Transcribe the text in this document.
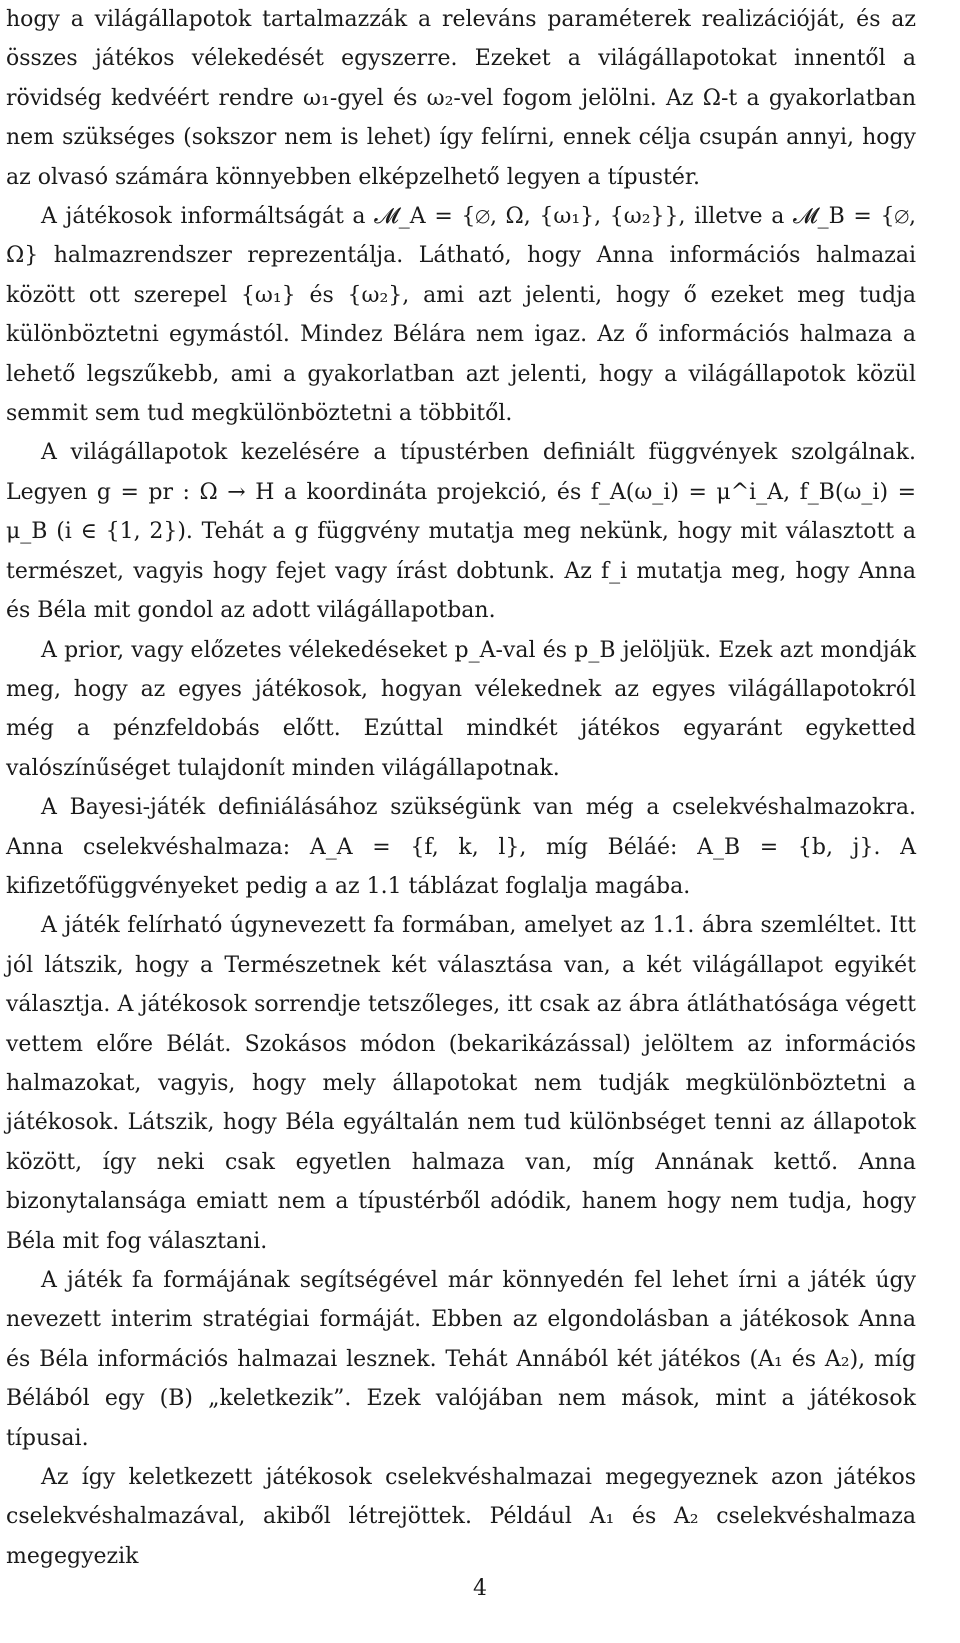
hogy a világállapotok tartalmazzák a releváns paraméterek realizációját, és az összes játékos vélekedését egyszerre. Ezeket a világállapotokat innentől a rövidség kedvéért rendre ω₁-gyel és ω₂-vel fogom jelölni. Az Ω-t a gyakorlatban nem szükséges (sokszor nem is lehet) így felírni, ennek célja csupán annyi, hogy az olvasó számára könnyebben elképzelhető legyen a típustér.

A játékosok informáltságát a 𝓜_A = {∅, Ω, {ω₁}, {ω₂}}, illetve a 𝓜_B = {∅, Ω} halmazrendszer reprezentálja. Látható, hogy Anna információs halmazai között ott szerepel {ω₁} és {ω₂}, ami azt jelenti, hogy ő ezeket meg tudja különböztetni egymástól. Mindez Bélára nem igaz. Az ő információs halmaza a lehető legszűkebb, ami a gyakorlatban azt jelenti, hogy a világállapotok közül semmit sem tud megkülönböztetni a többitől.

A világállapotok kezelésére a típustérben definiált függvények szolgálnak. Legyen g = pr : Ω → H a koordináta projekció, és f_A(ω_i) = μ^i_A, f_B(ω_i) = μ_B (i ∈ {1, 2}). Tehát a g függvény mutatja meg nekünk, hogy mit választott a természet, vagyis hogy fejet vagy írást dobtunk. Az f_i mutatja meg, hogy Anna és Béla mit gondol az adott világállapotban.

A prior, vagy előzetes vélekedéseket p_A-val és p_B jelöljük. Ezek azt mondják meg, hogy az egyes játékosok, hogyan vélekednek az egyes világállapotokról még a pénzfeldobás előtt. Ezúttal mindkét játékos egyaránt egyketted valószínűséget tulajdonít minden világállapotnak.

A Bayesi-játék definiálásához szükségünk van még a cselekvéshalmazokra. Anna cselekvéshalmaza: A_A = {f, k, l}, míg Béláé: A_B = {b, j}. A kifizetőfüggvényeket pedig a az 1.1 táblázat foglalja magába.

A játék felírható úgynevezett fa formában, amelyet az 1.1. ábra szemléltet. Itt jól látszik, hogy a Természetnek két választása van, a két világállapot egyikét választja. A játékosok sorrendje tetszőleges, itt csak az ábra átláthatósága végett vettem előre Bélát. Szokásos módon (bekarikázással) jelöltem az információs halmazokat, vagyis, hogy mely állapotokat nem tudják megkülönböztetni a játékosok. Látszik, hogy Béla egyáltalán nem tud különbséget tenni az állapotok között, így neki csak egyetlen halmaza van, míg Annának kettő. Anna bizonytalansága emiatt nem a típustérből adódik, hanem hogy nem tudja, hogy Béla mit fog választani.

A játék fa formájának segítségével már könnyedén fel lehet írni a játék úgy nevezett interim stratégiai formáját. Ebben az elgondolásban a játékosok Anna és Béla információs halmazai lesznek. Tehát Annából két játékos (A₁ és A₂), míg Bélából egy (B) „keletkezik”. Ezek valójában nem mások, mint a játékosok típusai.

Az így keletkezett játékosok cselekvéshalmazai megegyeznek azon játékos cselekvéshalmazával, akiből létrejöttek. Például A₁ és A₂ cselekvéshalmaza megegyezik

4
